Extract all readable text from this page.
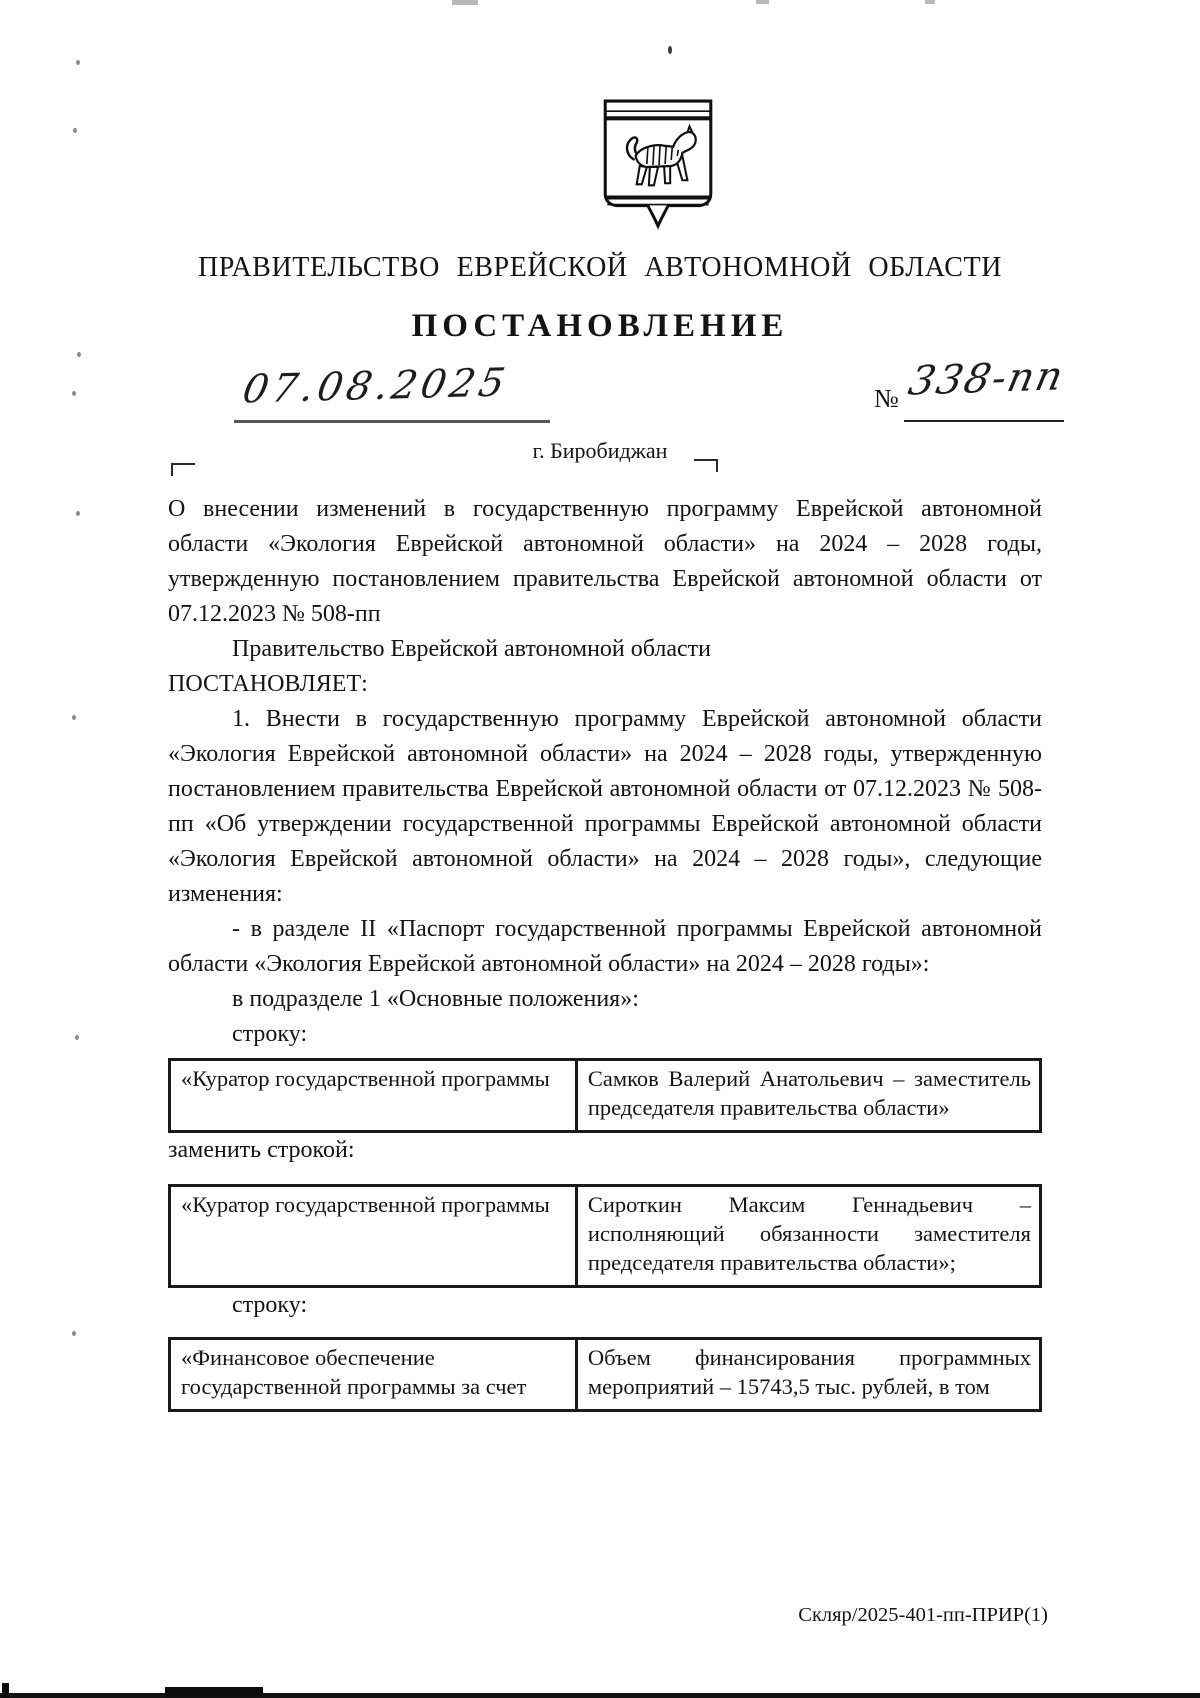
ПРАВИТЕЛЬСТВО ЕВРЕЙСКОЙ АВТОНОМНОЙ ОБЛАСТИ
ПОСТАНОВЛЕНИЕ
07.08.2025	№ 338-пп
г. Биробиджан

О внесении изменений в государственную программу Еврейской автономной области «Экология Еврейской автономной области» на 2024 – 2028 годы, утвержденную постановлением правительства Еврейской автономной области от 07.12.2023 № 508-пп

Правительство Еврейской автономной области

ПОСТАНОВЛЯЕТ:

1. Внести в государственную программу Еврейской автономной области «Экология Еврейской автономной области» на 2024 – 2028 годы, утвержденную постановлением правительства Еврейской автономной области от 07.12.2023 № 508-пп «Об утверждении государственной программы Еврейской автономной области «Экология Еврейской автономной области» на 2024 – 2028 годы», следующие изменения:

- в разделе II «Паспорт государственной программы Еврейской автономной области «Экология Еврейской автономной области» на 2024 – 2028 годы»:

в подразделе 1 «Основные положения»:

строку:

«Куратор государственной программы	Самков Валерий Анатольевич – заместитель председателя правительства области»

заменить строкой:

«Куратор государственной программы	Сироткин Максим Геннадьевич – исполняющий обязанности заместителя председателя правительства области»;

строку:

«Финансовое обеспечение государственной программы за счет	Объем финансирования программных мероприятий – 15743,5 тыс. рублей, в том
Скляр/2025-401-пп-ПРИР(1)
